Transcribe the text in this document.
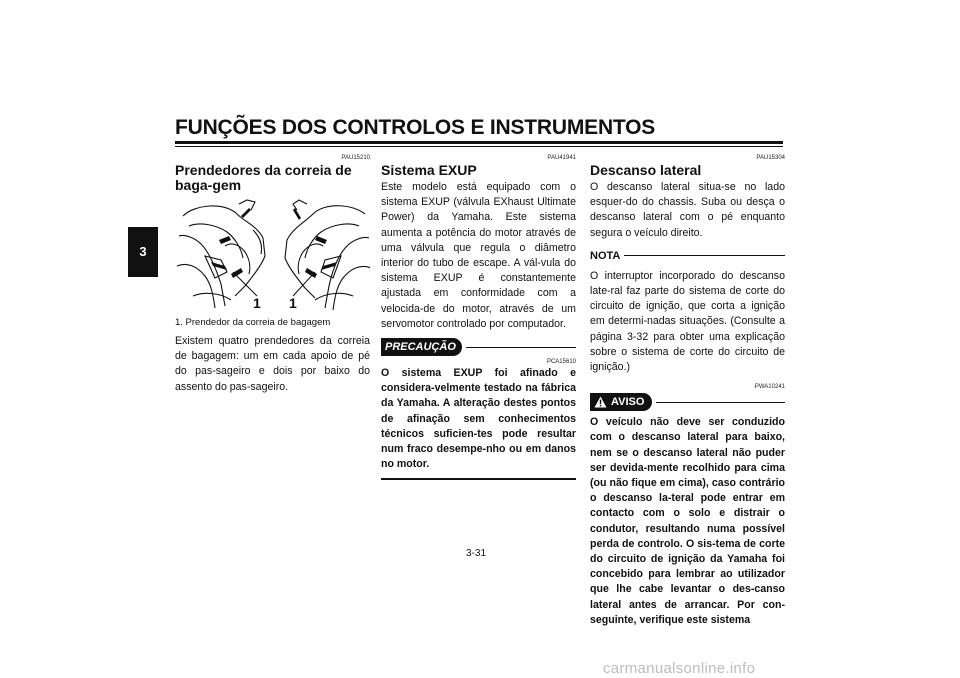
FUNÇÕES DOS CONTROLOS E INSTRUMENTOS
3
PAU15210
Prendedores da correia de baga-gem
1 1
1. Prendedor da correia de bagagem

Existem quatro prendedores da correia de bagagem: um em cada apoio de pé do pas-sageiro e dois por baixo do assento do pas-sageiro.

PAU41941
Sistema EXUP

Este modelo está equipado com o sistema EXUP (válvula EXhaust Ultimate Power) da Yamaha. Este sistema aumenta a potência do motor através de uma válvula que regula o diâmetro interior do tubo de escape. A vál-vula do sistema EXUP é constantemente ajustada em conformidade com a velocida-de do motor, através de um servomotor controlado por computador.

PRECAUÇÃO
PCA15610

O sistema EXUP foi afinado e considera-velmente testado na fábrica da Yamaha. A alteração destes pontos de afinação sem conhecimentos técnicos suficien-tes pode resultar num fraco desempe-nho ou em danos no motor.

PAU15304
Descanso lateral

O descanso lateral situa-se no lado esquer-do do chassis. Suba ou desça o descanso lateral com o pé enquanto segura o veículo direito.

NOTA

O interruptor incorporado do descanso late-ral faz parte do sistema de corte do circuito de ignição, que corta a ignição em determi-nadas situações. (Consulte a página 3-32 para obter uma explicação sobre o sistema de corte do circuito de ignição.)

PWA10241
AVISO

O veículo não deve ser conduzido com o descanso lateral para baixo, nem se o descanso lateral não puder ser devida-mente recolhido para cima (ou não fique em cima), caso contrário o descanso la-teral pode entrar em contacto com o solo e distrair o condutor, resultando numa possível perda de controlo. O sis-tema de corte do circuito de ignição da Yamaha foi concebido para lembrar ao utilizador que lhe cabe levantar o des-canso lateral antes de arrancar. Por con-seguinte, verifique este sistema

3-31
carmanualsonline.info
